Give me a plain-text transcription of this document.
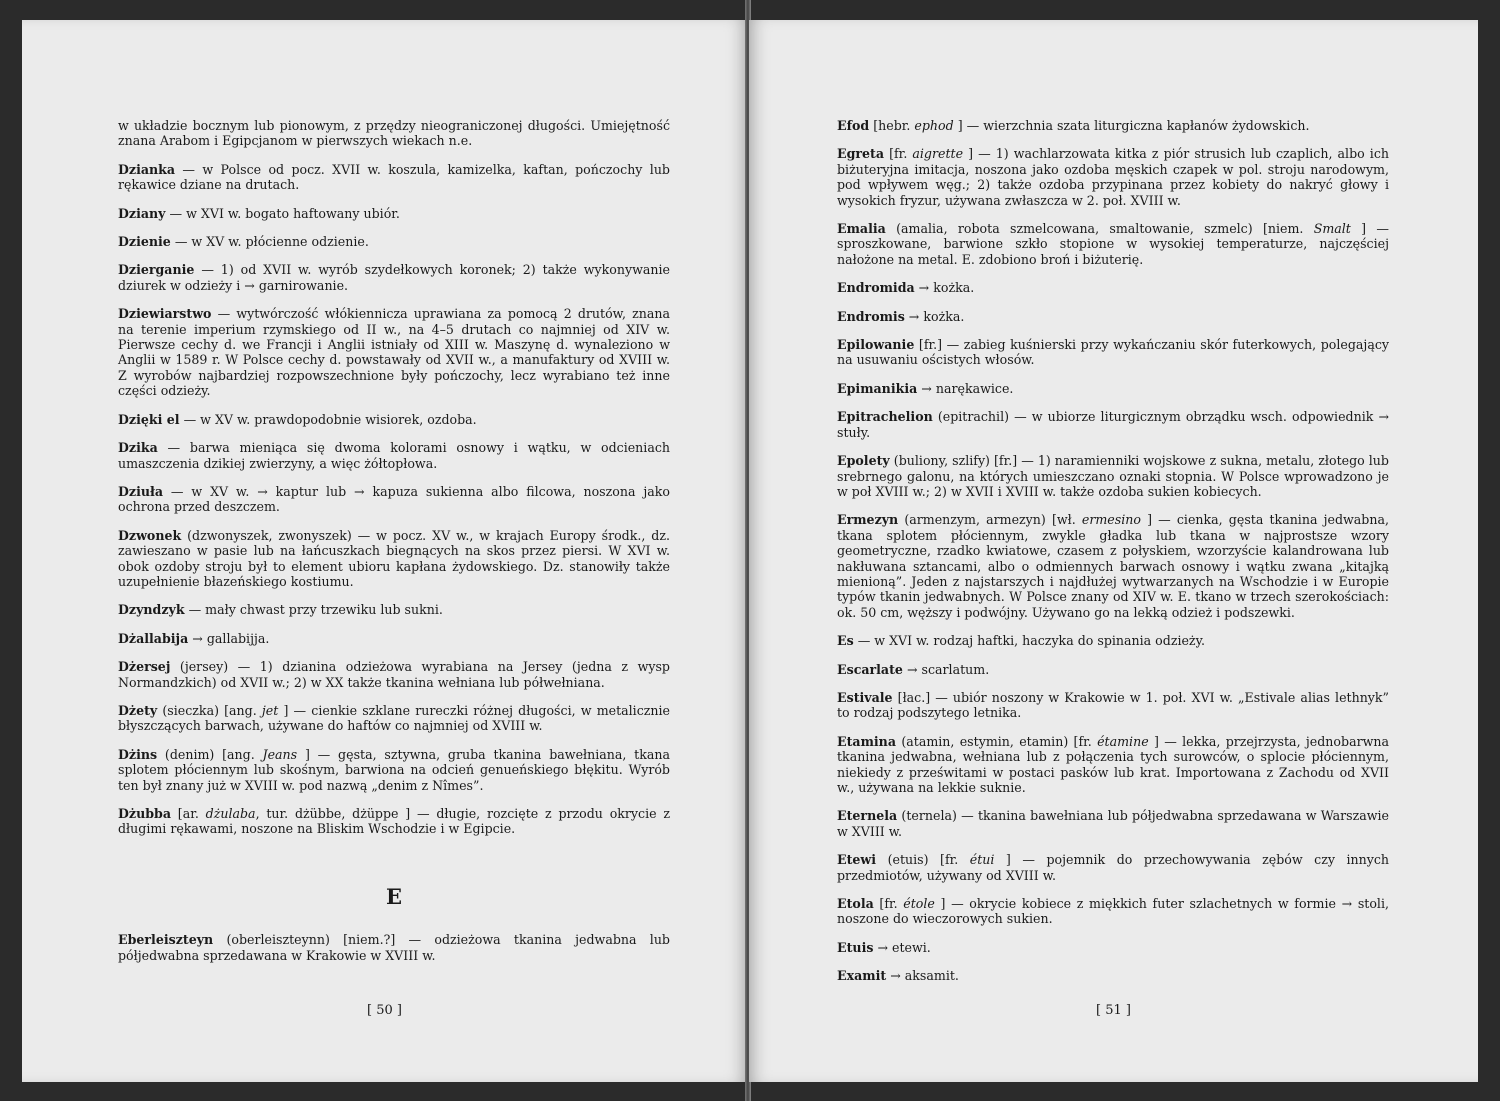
w układzie bocznym lub pionowym, z przędzy nieograniczonej długości. Umiejętność znana Arabom i Egipcjanom w pierwszych wiekach n.e.
Dzianka — w Polsce od pocz. XVII w. koszula, kamizelka, kaftan, pończochy lub rękawice dziane na drutach.
Dziany — w XVI w. bogato haftowany ubiór.
Dzienie — w XV w. płócienne odzienie.
Dzierganie — 1) od XVII w. wyrób szydełkowych koronek; 2) także wykonywanie dziurek w odzieży i → garnirowanie.
Dziewiarstwo — wytwórczość włókiennicza uprawiana za pomocą 2 drutów, znana na terenie imperium rzymskiego od II w., na 4–5 drutach co najmniej od XIV w. Pierwsze cechy d. we Francji i Anglii istniały od XIII w. Maszynę d. wynaleziono w Anglii w 1589 r. W Polsce cechy d. powstawały od XVII w., a manufaktury od XVIII w. Z wyrobów najbardziej rozpowszechnione były pończochy, lecz wyrabiano też inne części odzieży.
Dzięki el — w XV w. prawdopodobnie wisiorek, ozdoba.
Dzika — barwa mieniąca się dwoma kolorami osnowy i wątku, w odcieniach umaszczenia dzikiej zwierzyny, a więc żółtopłowa.
Dziuła — w XV w. → kaptur lub → kapuza sukienna albo filcowa, noszona jako ochrona przed deszczem.
Dzwonek (dzwonyszek, zwonyszek) — w pocz. XV w., w krajach Europy środk., dz. zawieszano w pasie lub na łańcuszkach biegnących na skos przez piersi. W XVI w. obok ozdoby stroju był to element ubioru kapłana żydowskiego. Dz. stanowiły także uzupełnienie błazeńskiego kostiumu.
Dzyndzyk — mały chwast przy trzewiku lub sukni.
Dżallabija → gallabijja.
Dżersej (jersey) — 1) dzianina odzieżowa wyrabiana na Jersey (jedna z wysp Normandzkich) od XVII w.; 2) w XX także tkanina wełniana lub półwełniana.
Dżety (sieczka) [ang. jet ] — cienkie szklane rureczki różnej długości, w metalicznie błyszczących barwach, używane do haftów co najmniej od XVIII w.
Dżins (denim) [ang. Jeans ] — gęsta, sztywna, gruba tkanina bawełniana, tkana splotem płóciennym lub skośnym, barwiona na odcień genueńskiego błękitu. Wyrób ten był znany już w XVIII w. pod nazwą „denim z Nîmes”.
Dżubba [ar. dżulaba, tur. dżübbe, dżüppe ] — długie, rozcięte z przodu okrycie z długimi rękawami, noszone na Bliskim Wschodzie i w Egipcie.
E
Eberleiszteyn (oberleiszteynn) [niem.?] — odzieżowa tkanina jedwabna lub półjedwabna sprzedawana w Krakowie w XVIII w.
[ 50 ]
Efod [hebr. ephod ] — wierzchnia szata liturgiczna kapłanów żydowskich.
Egreta [fr. aigrette ] — 1) wachlarzowata kitka z piór strusich lub czaplich, albo ich biżuteryjna imitacja, noszona jako ozdoba męskich czapek w pol. stroju narodowym, pod wpływem węg.; 2) także ozdoba przypinana przez kobiety do nakryć głowy i wysokich fryzur, używana zwłaszcza w 2. poł. XVIII w.
Emalia (amalia, robota szmelcowana, smaltowanie, szmelc) [niem. Smalt ] — sproszkowane, barwione szkło stopione w wysokiej temperaturze, najczęściej nałożone na metal. E. zdobiono broń i biżuterię.
Endromida → kożka.
Endromis → kożka.
Epilowanie [fr.] — zabieg kuśnierski przy wykańczaniu skór futerkowych, polegający na usuwaniu ościstych włosów.
Epimanikia → narękawice.
Epitrachelion (epitrachil) — w ubiorze liturgicznym obrządku wsch. odpowiednik → stuły.
Epolety (buliony, szlify) [fr.] — 1) naramienniki wojskowe z sukna, metalu, złotego lub srebrnego galonu, na których umieszczano oznaki stopnia. W Polsce wprowadzono je w poł XVIII w.; 2) w XVII i XVIII w. także ozdoba sukien kobiecych.
Ermezyn (armenzym, armezyn) [wł. ermesino ] — cienka, gęsta tkanina jedwabna, tkana splotem płóciennym, zwykle gładka lub tkana w najprostsze wzory geometryczne, rzadko kwiatowe, czasem z połyskiem, wzorzyście kalandrowana lub nakłuwana sztancami, albo o odmiennych barwach osnowy i wątku zwana „kitajką mienioną”. Jeden z najstarszych i najdłużej wytwarzanych na Wschodzie i w Europie typów tkanin jedwabnych. W Polsce znany od XIV w. E. tkano w trzech szerokościach: ok. 50 cm, węższy i podwójny. Używano go na lekką odzież i podszewki.
Es — w XVI w. rodzaj haftki, haczyka do spinania odzieży.
Escarlate → scarlatum.
Estivale [łac.] — ubiór noszony w Krakowie w 1. poł. XVI w. „Estivale alias lethnyk” to rodzaj podszytego letnika.
Etamina (atamin, estymin, etamin) [fr. étamine ] — lekka, przejrzysta, jednobarwna tkanina jedwabna, wełniana lub z połączenia tych surowców, o splocie płóciennym, niekiedy z prześwitami w postaci pasków lub krat. Importowana z Zachodu od XVII w., używana na lekkie suknie.
Eternela (ternela) — tkanina bawełniana lub półjedwabna sprzedawana w Warszawie w XVIII w.
Etewi (etuis) [fr. étui ] — pojemnik do przechowywania zębów czy innych przedmiotów, używany od XVIII w.
Etola [fr. étole ] — okrycie kobiece z miękkich futer szlachetnych w formie → stoli, noszone do wieczorowych sukien.
Etuis → etewi.
Examit → aksamit.
[ 51 ]
